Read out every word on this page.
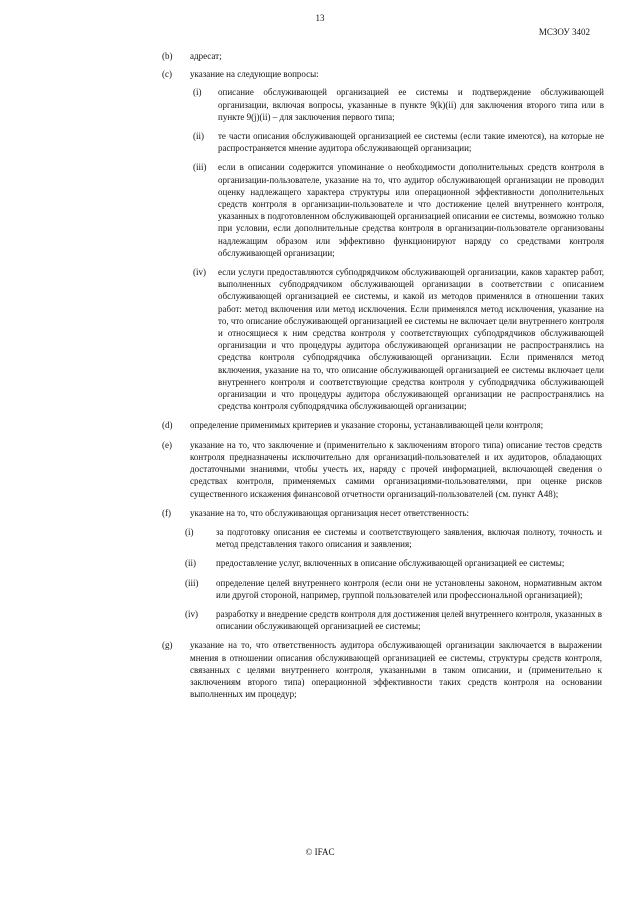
13
МСЗОУ 3402
(b) адресат;
(c) указание на следующие вопросы:
(i) описание обслуживающей организацией ее системы и подтверждение обслуживающей организации, включая вопросы, указанные в пункте 9(k)(ii) для заключения второго типа или в пункте 9(j)(ii) – для заключения первого типа;
(ii) те части описания обслуживающей организацией ее системы (если такие имеются), на которые не распространяется мнение аудитора обслуживающей организации;
(iii) если в описании содержится упоминание о необходимости дополнительных средств контроля в организации-пользователе, указание на то, что аудитор обслуживающей организации не проводил оценку надлежащего характера структуры или операционной эффективности дополнительных средств контроля в организации-пользователе и что достижение целей внутреннего контроля, указанных в подготовленном обслуживающей организацией описании ее системы, возможно только при условии, если дополнительные средства контроля в организации-пользователе организованы надлежащим образом или эффективно функционируют наряду со средствами контроля обслуживающей организации;
(iv) если услуги предоставляются субподрядчиком обслуживающей организации, каков характер работ, выполненных субподрядчиком обслуживающей организации в соответствии с описанием обслуживающей организацией ее системы, и какой из методов применялся в отношении таких работ: метод включения или метод исключения. Если применялся метод исключения, указание на то, что описание обслуживающей организацией ее системы не включает цели внутреннего контроля и относящиеся к ним средства контроля у соответствующих субподрядчиков обслуживающей организации и что процедуры аудитора обслуживающей организации не распространялись на средства контроля субподрядчика обслуживающей организации. Если применялся метод включения, указание на то, что описание обслуживающей организацией ее системы включает цели внутреннего контроля и соответствующие средства контроля у субподрядчика обслуживающей организации и что процедуры аудитора обслуживающей организации не распространялись на средства контроля субподрядчика обслуживающей организации;
(d) определение применимых критериев и указание стороны, устанавливающей цели контроля;
(e) указание на то, что заключение и (применительно к заключениям второго типа) описание тестов средств контроля предназначены исключительно для организаций-пользователей и их аудиторов, обладающих достаточными знаниями, чтобы учесть их, наряду с прочей информацией, включающей сведения о средствах контроля, применяемых самими организациями-пользователями, при оценке рисков существенного искажения финансовой отчетности организаций-пользователей (см. пункт А48);
(f) указание на то, что обслуживающая организация несет ответственность:
(i)	за подготовку описания ее системы и соответствующего заявления, включая полноту, точность и метод представления такого описания и заявления;
(ii) предоставление услуг, включенных в описание обслуживающей организацией ее системы;
(iii) определение целей внутреннего контроля (если они не установлены законом, нормативным актом или другой стороной, например, группой пользователей или профессиональной организацией);
(iv) разработку и внедрение средств контроля для достижения целей внутреннего контроля, указанных в описании обслуживающей организацией ее системы;
(g) указание на то, что ответственность аудитора обслуживающей организации заключается в выражении мнения в отношении описания обслуживающей организацией ее системы, структуры средств контроля, связанных с целями внутреннего контроля, указанными в таком описании, и (применительно к заключениям второго типа) операционной эффективности таких средств контроля на основании выполненных им процедур;
© IFAC
